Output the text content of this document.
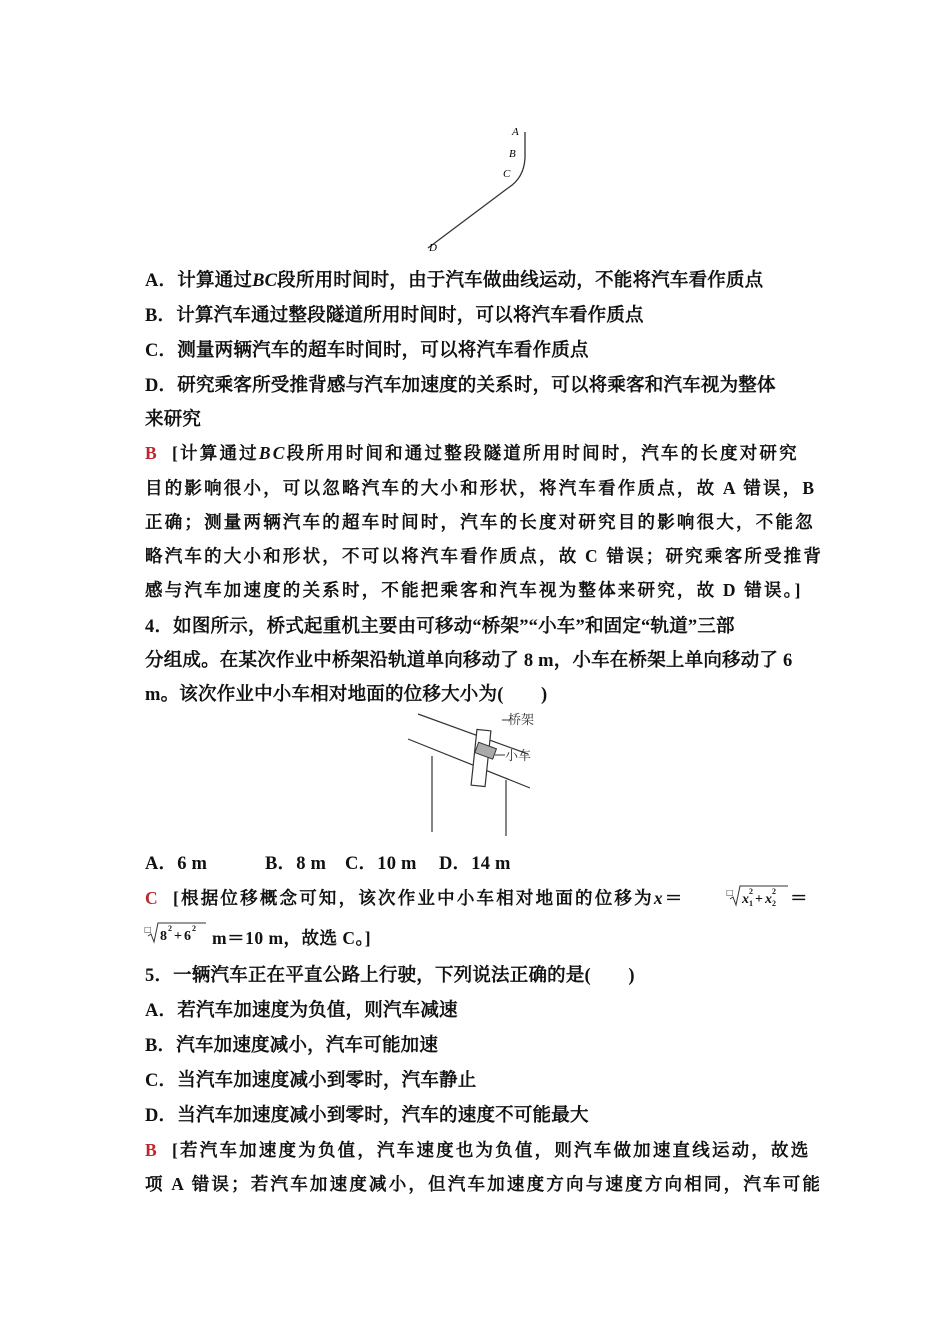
A
B
C
D
A．计算通过BC段所用时间时，由于汽车做曲线运动，不能将汽车看作质点
B．计算汽车通过整段隧道所用时间时，可以将汽车看作质点
C．测量两辆汽车的超车时间时，可以将汽车看作质点
D．研究乘客所受推背感与汽车加速度的关系时，可以将乘客和汽车视为整体
来研究
B [计算通过BC段所用时间和通过整段隧道所用时间时，汽车的长度对研究
目的影响很小，可以忽略汽车的大小和形状，将汽车看作质点，故 A 错误，B
正确；测量两辆汽车的超车时间时，汽车的长度对研究目的影响很大，不能忽
略汽车的大小和形状，不可以将汽车看作质点，故 C 错误；研究乘客所受推背
感与汽车加速度的关系时，不能把乘客和汽车视为整体来研究，故 D 错误。]
4．如图所示，桥式起重机主要由可移动“桥架”“小车”和固定“轨道”三部
分组成。在某次作业中桥架沿轨道单向移动了 8 m，小车在桥架上单向移动了 6
m。该次作业中小车相对地面的位移大小为(　　)
桥架
小车
A．6 m	B．8 m C．10 m D．14 m
C [根据位移概念可知，该次作业中小车相对地面的位移为x＝	□ x
2
1 + x
2
2 ＝
□ 8
2
+ 6
2 m＝10 m，故选 C。]
5．一辆汽车正在平直公路上行驶，下列说法正确的是(　　)
A．若汽车加速度为负值，则汽车减速
B．汽车加速度减小，汽车可能加速
C．当汽车加速度减小到零时，汽车静止
D．当汽车加速度减小到零时，汽车的速度不可能最大
B [若汽车加速度为负值，汽车速度也为负值，则汽车做加速直线运动，故选
项 A 错误；若汽车加速度减小，但汽车加速度方向与速度方向相同，汽车可能
